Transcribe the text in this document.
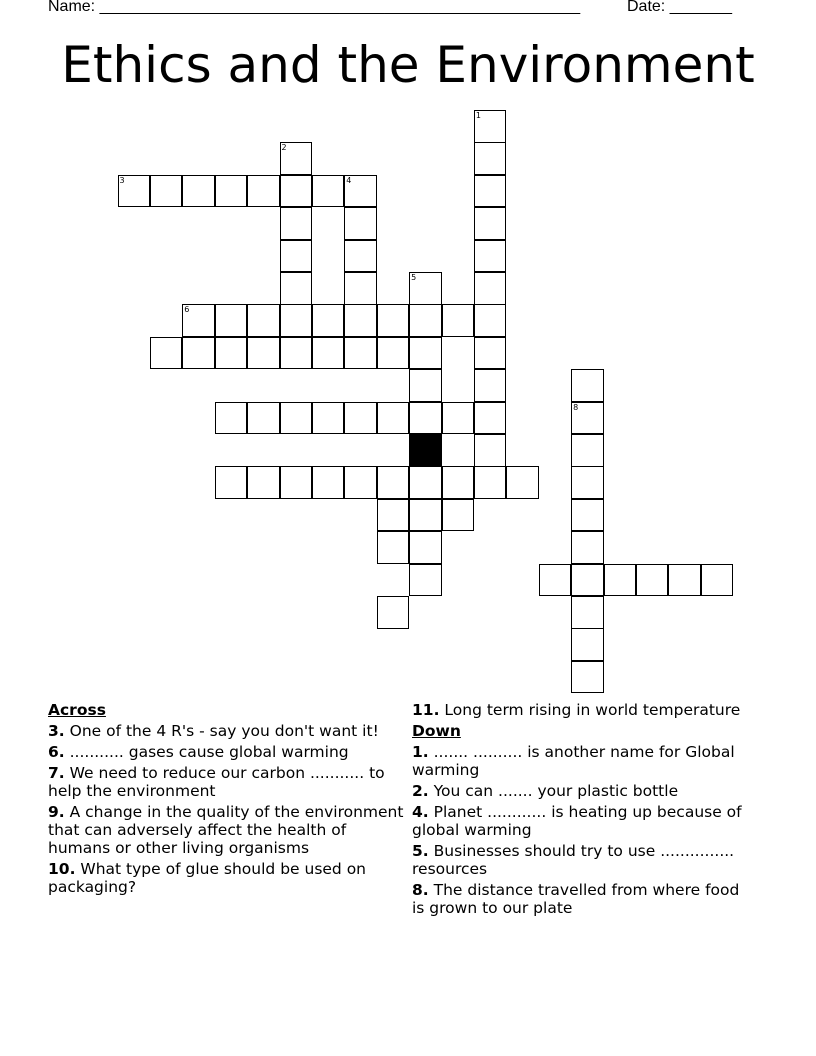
Name: ______________________________________________________	Date: _______
Ethics and the Environment
1
2
3	4
5
6
8
Across
3. One of the 4 R's - say you don't want it!
6. ........... gases cause global warming
7. We need to reduce our carbon ........... to help the environment
9. A change in the quality of the environment that can adversely affect the health of humans or other living organisms
10. What type of glue should be used on packaging?
11. Long term rising in world temperature
Down
1. ....... .......... is another name for Global warming
2. You can ....... your plastic bottle
4. Planet ............ is heating up because of global warming
5. Businesses should try to use ............... resources
8. The distance travelled from where food is grown to our plate
